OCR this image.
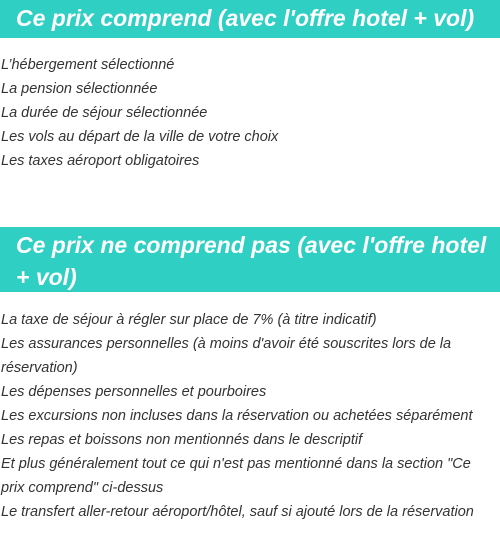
Ce prix comprend (avec l'offre hotel + vol)
L’hébergement sélectionné
La pension sélectionnée
La durée de séjour sélectionnée
Les vols au départ de la ville de votre choix
Les taxes aéroport obligatoires
Ce prix ne comprend pas (avec l'offre hotel + vol)
La taxe de séjour à régler sur place de 7% (à titre indicatif)
Les assurances personnelles (à moins d'avoir été souscrites lors de la réservation)
Les dépenses personnelles et pourboires
Les excursions non incluses dans la réservation ou achetées séparément
Les repas et boissons non mentionnés dans le descriptif
Et plus généralement tout ce qui n'est pas mentionné dans la section "Ce prix comprend" ci-dessus
Le transfert aller-retour aéroport/hôtel, sauf si ajouté lors de la réservation
